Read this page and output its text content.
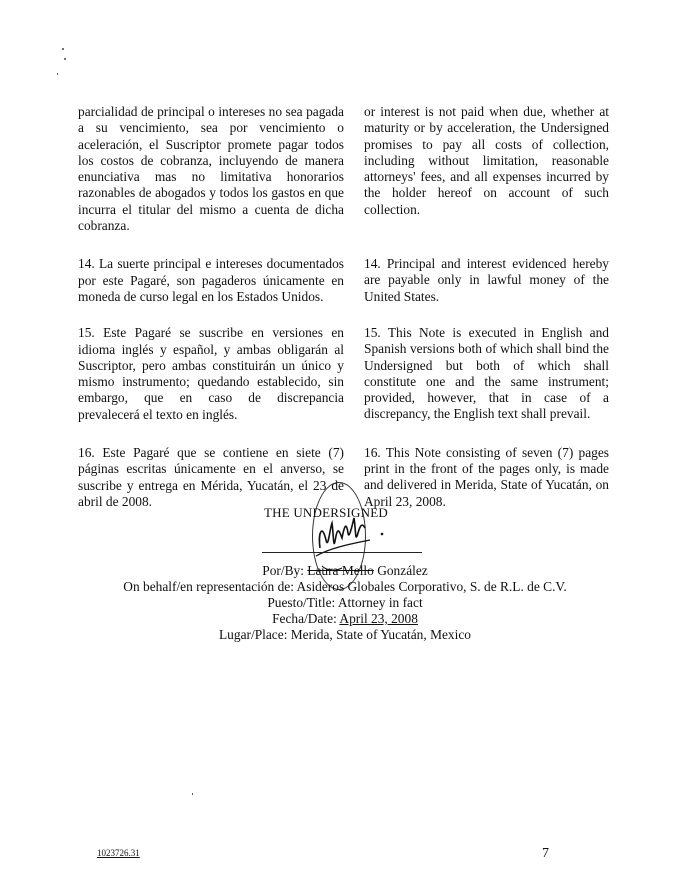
parcialidad de principal o intereses no sea pagada a su vencimiento, sea por vencimiento o aceleración, el Suscriptor promete pagar todos los costos de cobranza, incluyendo de manera enunciativa mas no limitativa honorarios razonables de abogados y todos los gastos en que incurra el titular del mismo a cuenta de dicha cobranza.

14. La suerte principal e intereses documentados por este Pagaré, son pagaderos únicamente en moneda de curso legal en los Estados Unidos.

15. Este Pagaré se suscribe en versiones en idioma inglés y español, y ambas obligarán al Suscriptor, pero ambas constituirán un único y mismo instrumento; quedando establecido, sin embargo, que en caso de discrepancia prevalecerá el texto en inglés.

16. Este Pagaré que se contiene en siete (7) páginas escritas únicamente en el anverso, se suscribe y entrega en Mérida, Yucatán, el 23 de abril de 2008.

or interest is not paid when due, whether at maturity or by acceleration, the Undersigned promises to pay all costs of collection, including without limitation, reasonable attorneys' fees, and all expenses incurred by the holder hereof on account of such collection.

14. Principal and interest evidenced hereby are payable only in lawful money of the United States.

15. This Note is executed in English and Spanish versions both of which shall bind the Undersigned but both of which shall constitute one and the same instrument; provided, however, that in case of a discrepancy, the English text shall prevail.

16. This Note consisting of seven (7) pages print in the front of the pages only, is made and delivered in Merida, State of Yucatán, on April 23, 2008.

THE UNDERSIGNED
Por/By: Laura Mello González
On behalf/en representación de: Asideros Globales Corporativo, S. de R.L. de C.V.
Puesto/Title: Attorney in fact
Fecha/Date: April 23, 2008
Lugar/Place: Merida, State of Yucatán, Mexico
1023726.31	7
